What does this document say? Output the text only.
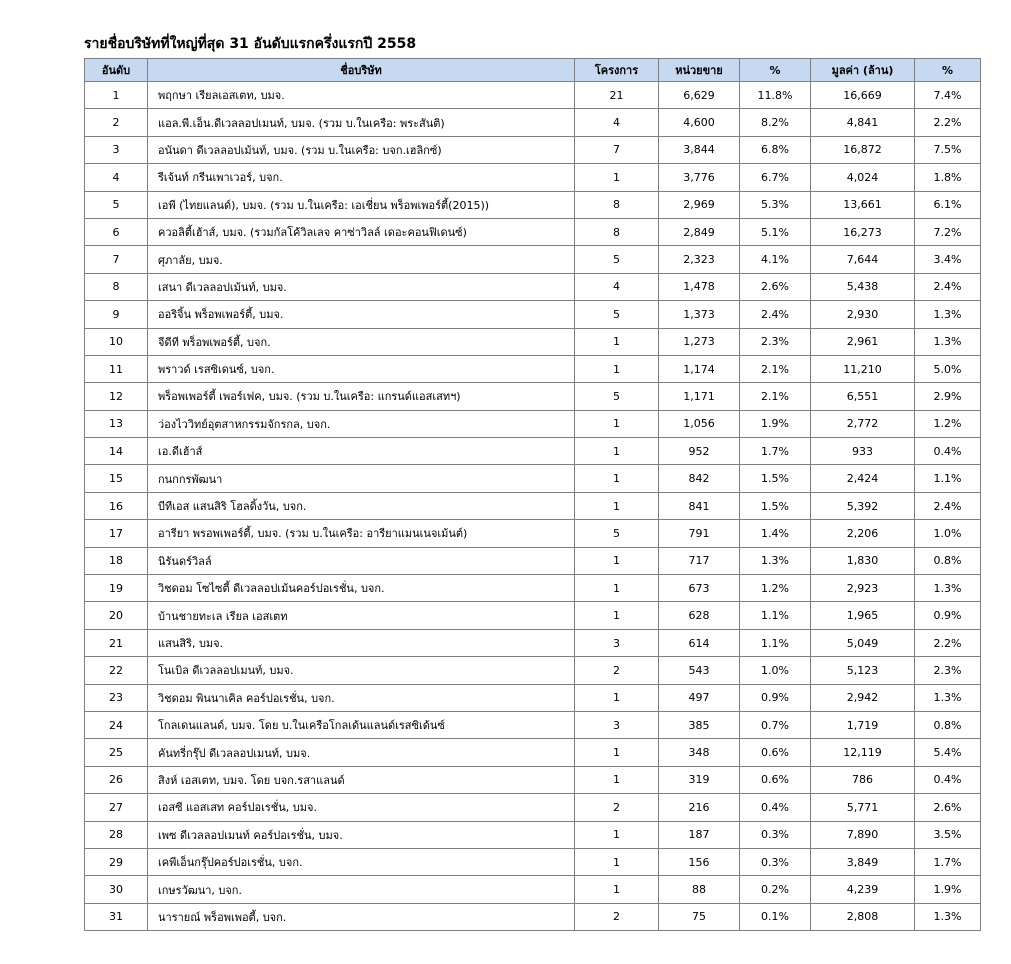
รายชื่อบริษัทที่ใหญ่ที่สุด 31 อันดับแรกครึ่งแรกปี 2558
อันดับ	ชื่อบริษัท	โครงการ	หน่วยขาย	%	มูลค่า (ล้าน)	%
1	พฤกษา เรียลเอสเตท, บมจ.	21	6,629	11.8%	16,669	7.4%
2	แอล.พี.เอ็น.ดีเวลลอปเมนท์, บมจ. (รวม บ.ในเครือ: พระสันติ)	4	4,600	8.2%	4,841	2.2%
3	อนันดา ดีเวลลอปเม้นท์, บมจ. (รวม บ.ในเครือ: บจก.เฮลิกซ์)	7	3,844	6.8%	16,872	7.5%
4	รีเจ้นท์ กรีนเพาเวอร์, บจก.	1	3,776	6.7%	4,024	1.8%
5	เอพี (ไทยแลนด์), บมจ. (รวม บ.ในเครือ: เอเชี่ยน พร็อพเพอร์ตี้(2015))	8	2,969	5.3%	13,661	6.1%
6	ควอลิตี้เฮ้าส์, บมจ. (รวมกัลโค้วิลเลจ คาซ่าวิลล์ เดอะคอนฟิเดนซ์)	8	2,849	5.1%	16,273	7.2%
7	ศุภาลัย, บมจ.	5	2,323	4.1%	7,644	3.4%
8	เสนา ดีเวลลอปเม้นท์, บมจ.	4	1,478	2.6%	5,438	2.4%
9	ออริจิ้น พร็อพเพอร์ตี้, บมจ.	5	1,373	2.4%	2,930	1.3%
10	จีดีที พร็อพเพอร์ตี้, บจก.	1	1,273	2.3%	2,961	1.3%
11	พราวด์ เรสซิเดนซ์, บจก.	1	1,174	2.1%	11,210	5.0%
12	พร็อพเพอร์ตี้ เพอร์เฟค, บมจ. (รวม บ.ในเครือ: แกรนด์แอสเสทฯ)	5	1,171	2.1%	6,551	2.9%
13	ว่องไววิทย์อุตสาหกรรมจักรกล, บจก.	1	1,056	1.9%	2,772	1.2%
14	เอ.ดีเฮ้าส์	1	952	1.7%	933	0.4%
15	กนกกรพัฒนา	1	842	1.5%	2,424	1.1%
16	บีทีเอส แสนสิริ โฮลดิ้งวัน, บจก.	1	841	1.5%	5,392	2.4%
17	อารียา พรอพเพอร์ตี้, บมจ. (รวม บ.ในเครือ: อารียาแมนเนจเม้นต์)	5	791	1.4%	2,206	1.0%
18	นิรันดร์วิลล์	1	717	1.3%	1,830	0.8%
19	วิชดอม โซไซตี้ ดีเวลลอปเม้นคอร์ปอเรชั่น, บจก.	1	673	1.2%	2,923	1.3%
20	บ้านชายทะเล เรียล เอสเตท	1	628	1.1%	1,965	0.9%
21	แสนสิริ, บมจ.	3	614	1.1%	5,049	2.2%
22	โนเบิล ดีเวลลอปเมนท์, บมจ.	2	543	1.0%	5,123	2.3%
23	วิชดอม พินนาเคิล คอร์ปอเรชั่น, บจก.	1	497	0.9%	2,942	1.3%
24	โกลเดนแลนด์, บมจ. โดย บ.ในเครือโกลเด้นแลนด์เรสซิเด้นซ์	3	385	0.7%	1,719	0.8%
25	คันทรี่กรุ๊ป ดีเวลลอปเมนท์, บมจ.	1	348	0.6%	12,119	5.4%
26	สิงห์ เอสเตท, บมจ. โดย บจก.รสาแลนด์	1	319	0.6%	786	0.4%
27	เอสซี แอสเสท คอร์ปอเรชั่น, บมจ.	2	216	0.4%	5,771	2.6%
28	เพซ ดีเวลลอปเมนท์ คอร์ปอเรชั่น, บมจ.	1	187	0.3%	7,890	3.5%
29	เคพีเอ็นกรุ๊ปคอร์ปอเรชั่น, บจก.	1	156	0.3%	3,849	1.7%
30	เกษรวัฒนา, บจก.	1	88	0.2%	4,239	1.9%
31	นารายณ์ พร็อพเพอตี้, บจก.	2	75	0.1%	2,808	1.3%
